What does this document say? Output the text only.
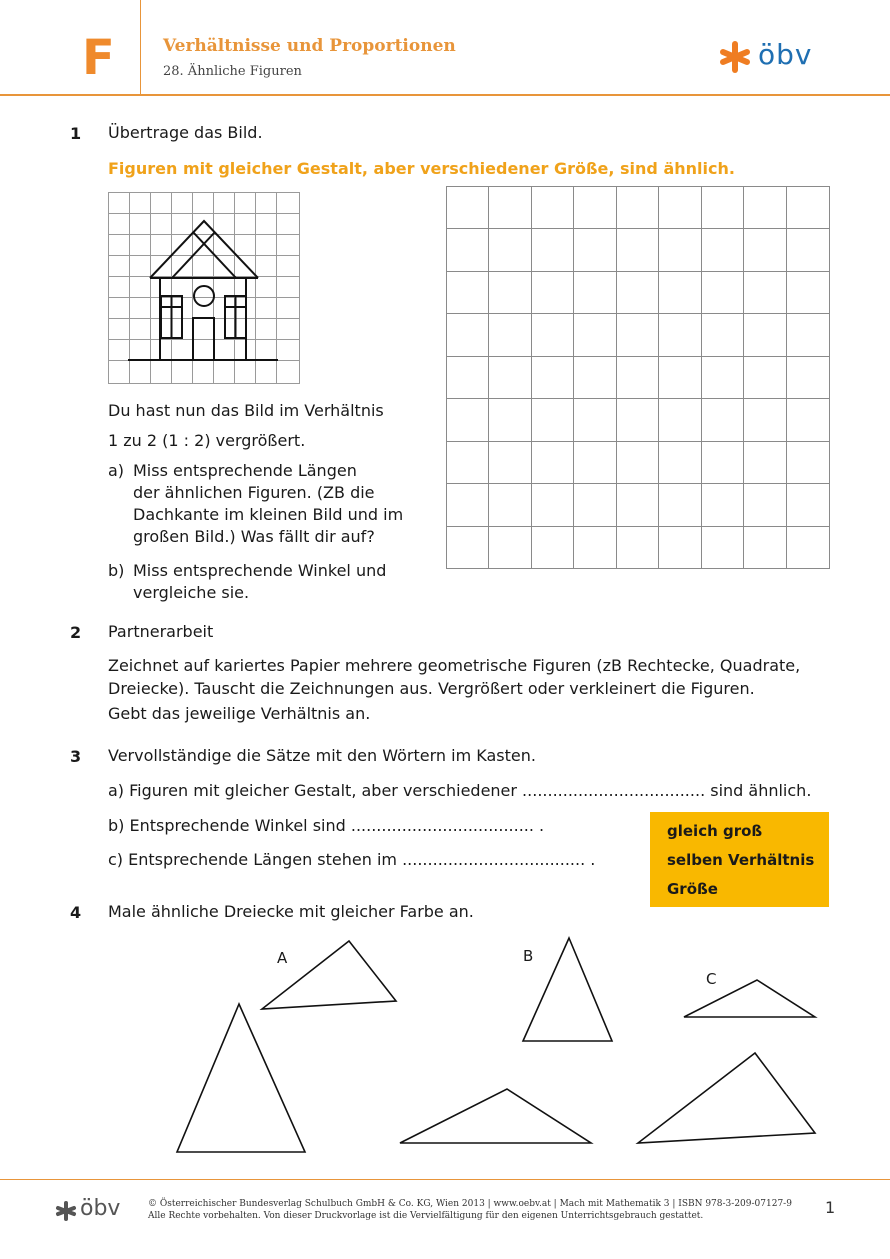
F	Verhältnisse und Proportionen
28. Ähnliche Figuren
öbv
1 Übertrage das Bild.
Figuren mit gleicher Gestalt, aber verschiedener Größe, sind ähnlich.
Du hast nun das Bild im Verhältnis
1 zu 2 (1 : 2) vergrößert.
a) Miss entsprechende Längen
der ähnlichen Figuren. (ZB die
Dachkante im kleinen Bild und im
großen Bild.) Was fällt dir auf?
b) Miss entsprechende Winkel und
vergleiche sie.
2 Partnerarbeit
Zeichnet auf kariertes Papier mehrere geometrische Figuren (zB Rechtecke, Quadrate,
Dreiecke). Tauscht die Zeichnungen aus. Vergrößert oder verkleinert die Figuren.
Gebt das jeweilige Verhältnis an.
3 Vervollständige die Sätze mit den Wörtern im Kasten.
a) Figuren mit gleicher Gestalt, aber verschiedener .................................... sind ähnlich.
b) Entsprechende Winkel sind .................................... .
c) Entsprechende Längen stehen im .................................... .
gleich groß
selben Verhältnis
Größe
4 Male ähnliche Dreiecke mit gleicher Farbe an.
A	B
C
öbv	© Österreichischer Bundesverlag Schulbuch GmbH & Co. KG, Wien 2013 | www.oebv.at | Mach mit Mathematik 3 | ISBN 978-3-209-07127-9
Alle Rechte vorbehalten. Von dieser Druckvorlage ist die Vervielfältigung für den eigenen Unterrichtsgebrauch gestattet.	1
